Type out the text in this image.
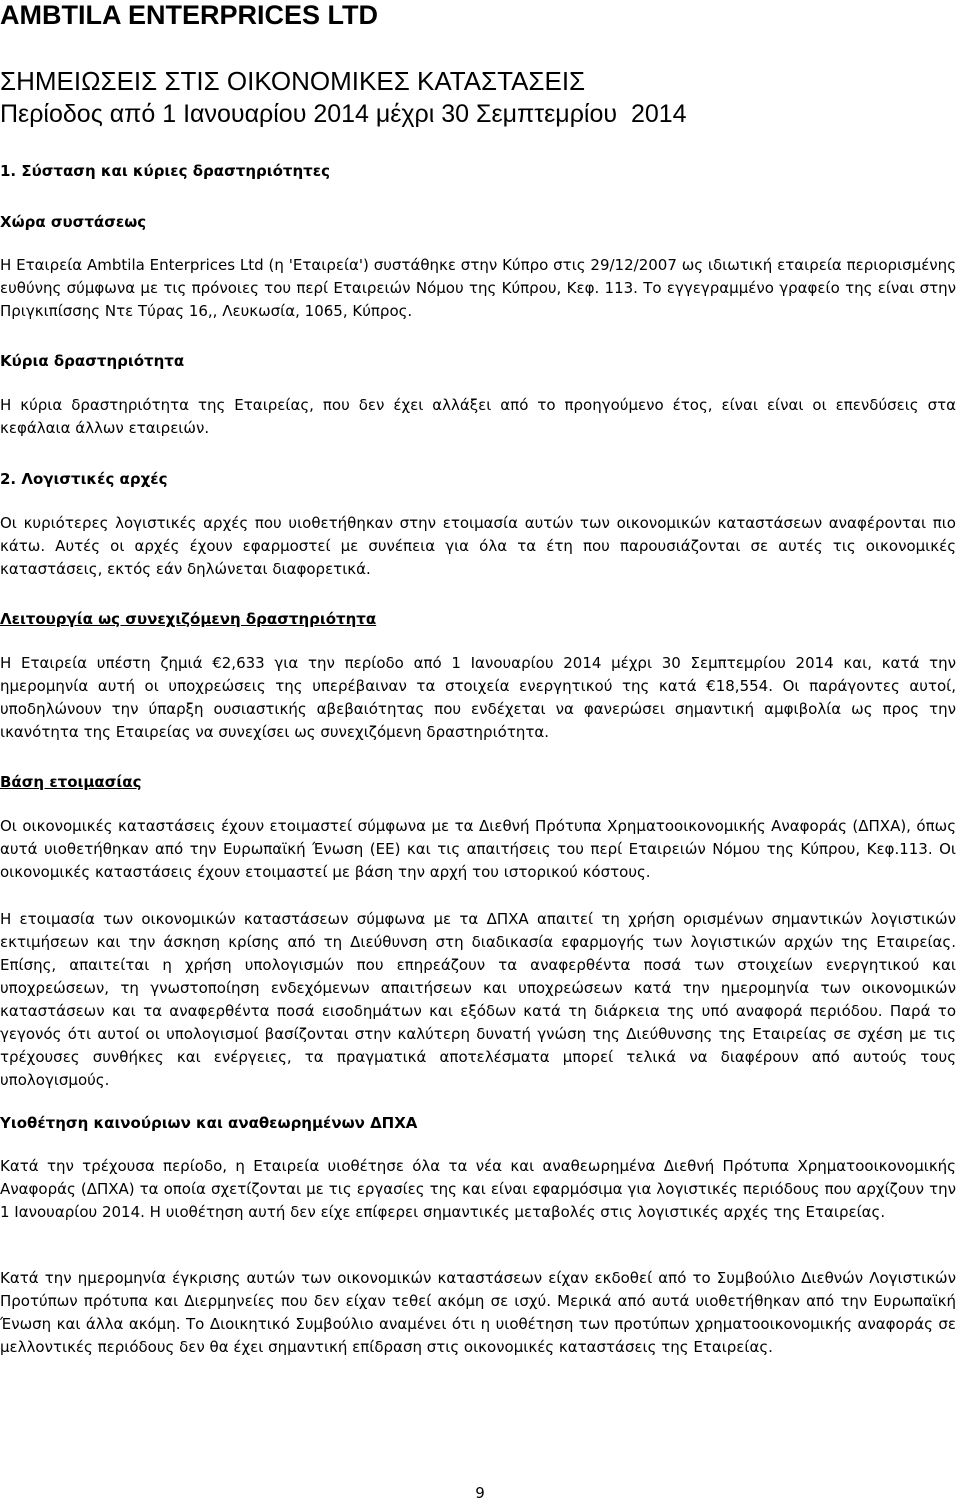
AMBTILA ENTERPRICES LTD
ΣΗΜΕΙΩΣΕΙΣ ΣΤΙΣ ΟΙΚΟΝΟΜΙΚΕΣ ΚΑΤΑΣΤΑΣΕΙΣ
Περίοδος από 1 Ιανουαρίου 2014 μέχρι 30 Σεμπτεμρίου  2014
1. Σύσταση και κύριες δραστηριότητες
Χώρα συστάσεως

Η Εταιρεία Ambtila Enterprices Ltd (η 'Εταιρεία') συστάθηκε στην Κύπρο στις 29/12/2007 ως ιδιωτική εταιρεία περιορισμένης ευθύνης σύμφωνα με τις πρόνοιες του περί Εταιρειών Νόμου της Κύπρου, Κεφ. 113. Το εγγεγραμμένο γραφείο της είναι στην Πριγκιπίσσης Ντε Τύρας 16,, Λευκωσία, 1065, Κύπρος.

Κύρια δραστηριότητα

Η κύρια δραστηριότητα της Εταιρείας, που δεν έχει αλλάξει από το προηγούμενο έτος, είναι είναι οι επενδύσεις στα κεφάλαια άλλων εταιρειών.

2. Λογιστικές αρχές

Οι κυριότερες λογιστικές αρχές που υιοθετήθηκαν στην ετοιμασία αυτών των οικονομικών καταστάσεων αναφέρονται πιο κάτω. Αυτές οι αρχές έχουν εφαρμοστεί με συνέπεια για όλα τα έτη που παρουσιάζονται σε αυτές τις οικονομικές καταστάσεις, εκτός εάν δηλώνεται διαφορετικά.

Λειτουργία ως συνεχιζόμενη δραστηριότητα

Η Εταιρεία υπέστη ζημιά €2,633 για την περίοδο από 1 Ιανουαρίου 2014 μέχρι 30 Σεμπτεμρίου 2014 και, κατά την ημερομηνία αυτή οι υποχρεώσεις της υπερέβαιναν τα στοιχεία ενεργητικού της κατά €18,554. Οι παράγοντες αυτοί, υποδηλώνουν την ύπαρξη ουσιαστικής αβεβαιότητας που ενδέχεται να φανερώσει σημαντική αμφιβολία ως προς την ικανότητα της Εταιρείας να συνεχίσει ως συνεχιζόμενη δραστηριότητα.

Βάση ετοιμασίας

Οι οικονομικές καταστάσεις έχουν ετοιμαστεί σύμφωνα με τα Διεθνή Πρότυπα Χρηματοοικονομικής Αναφοράς (ΔΠΧΑ), όπως αυτά υιοθετήθηκαν από την Ευρωπαϊκή Ένωση (ΕΕ) και τις απαιτήσεις του περί Εταιρειών Νόμου της Κύπρου, Κεφ.113. Οι οικονομικές καταστάσεις έχουν ετοιμαστεί με βάση την αρχή του ιστορικού κόστους.

Η ετοιμασία των οικονομικών καταστάσεων σύμφωνα με τα ΔΠΧΑ απαιτεί τη χρήση ορισμένων σημαντικών λογιστικών εκτιμήσεων και την άσκηση κρίσης από τη Διεύθυνση στη διαδικασία εφαρμογής των λογιστικών αρχών της Εταιρείας. Επίσης, απαιτείται η χρήση υπολογισμών που επηρεάζουν τα αναφερθέντα ποσά των στοιχείων ενεργητικού και υποχρεώσεων, τη γνωστοποίηση ενδεχόμενων απαιτήσεων και υποχρεώσεων κατά την ημερομηνία των οικονομικών καταστάσεων και τα αναφερθέντα ποσά εισοδημάτων και εξόδων κατά τη διάρκεια της υπό αναφορά περιόδου. Παρά το γεγονός ότι αυτοί οι υπολογισμοί βασίζονται στην καλύτερη δυνατή γνώση της Διεύθυνσης της Εταιρείας σε σχέση με τις τρέχουσες συνθήκες και ενέργειες, τα πραγματικά αποτελέσματα μπορεί τελικά να διαφέρουν από αυτούς τους υπολογισμούς.

Υιοθέτηση καινούριων και αναθεωρημένων ΔΠΧΑ

Κατά την τρέχουσα περίοδο, η Εταιρεία υιοθέτησε όλα τα νέα και αναθεωρημένα Διεθνή Πρότυπα Χρηματοοικονομικής Αναφοράς (ΔΠΧΑ) τα οποία σχετίζονται με τις εργασίες της και είναι εφαρμόσιμα για λογιστικές περιόδους που αρχίζουν την 1 Ιανουαρίου 2014. Η υιοθέτηση αυτή δεν είχε επίφερει σημαντικές μεταβολές στις λογιστικές αρχές της Εταιρείας.

Κατά την ημερομηνία έγκρισης αυτών των οικονομικών καταστάσεων είχαν εκδοθεί από το Συμβούλιο Διεθνών Λογιστικών Προτύπων πρότυπα και Διερμηνείες που δεν είχαν τεθεί ακόμη σε ισχύ. Μερικά από αυτά υιοθετήθηκαν από την Ευρωπαϊκή Ένωση και άλλα ακόμη. Το Διοικητικό Συμβούλιο αναμένει ότι η υιοθέτηση των προτύπων χρηματοοικονομικής αναφοράς σε μελλοντικές περιόδους δεν θα έχει σημαντική επίδραση στις οικονομικές καταστάσεις της Εταιρείας.

9
